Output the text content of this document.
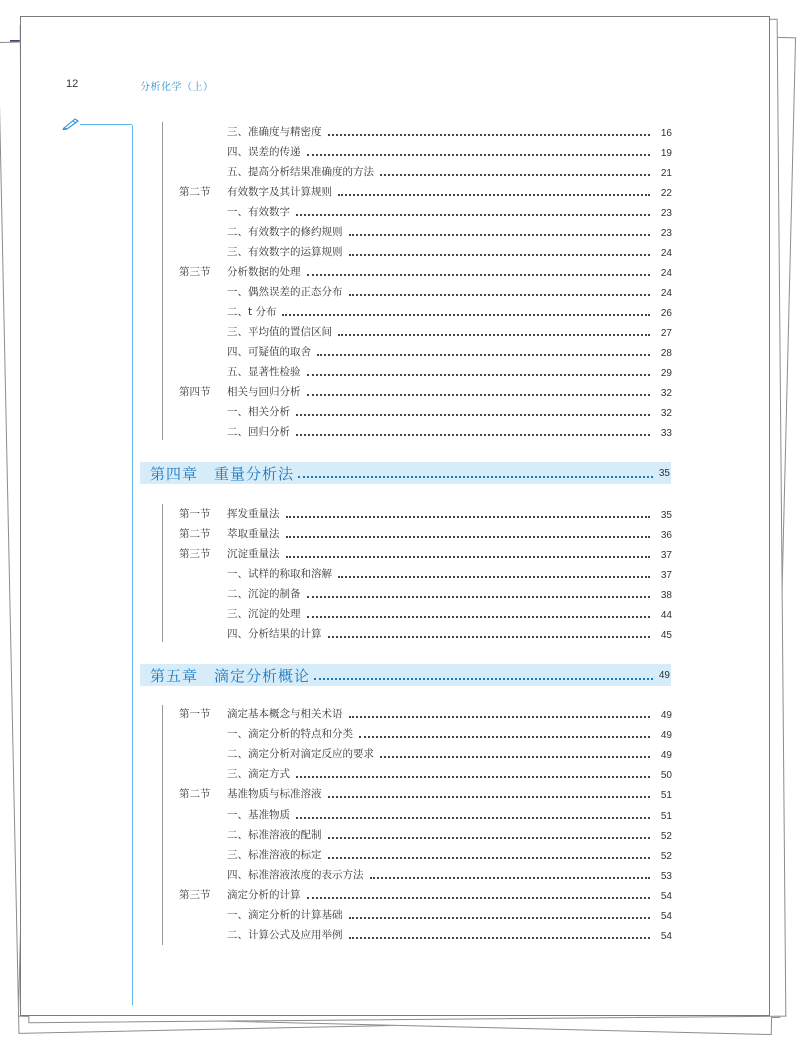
12	分析化学（上）
三、准确度与精密度	16
四、误差的传递	19
五、提高分析结果准确度的方法	21
第二节 有效数字及其计算规则	22
一、有效数字	23
二、有效数字的修约规则	23
三、有效数字的运算规则	24
第三节 分析数据的处理	24
一、偶然误差的正态分布	24
二、t 分布	26
三、平均值的置信区间	27
四、可疑值的取舍	28
五、显著性检验	29
第四节 相关与回归分析	32
一、相关分析	32
二、回归分析	33
第四章　重量分析法	35
第一节 挥发重量法	35
第二节 萃取重量法	36
第三节 沉淀重量法	37
一、试样的称取和溶解	37
二、沉淀的制备	38
三、沉淀的处理	44
四、分析结果的计算	45
第五章　滴定分析概论	49
第一节 滴定基本概念与相关术语	49
一、滴定分析的特点和分类	49
二、滴定分析对滴定反应的要求	49
三、滴定方式	50
第二节 基准物质与标准溶液	51
一、基准物质	51
二、标准溶液的配制	52
三、标准溶液的标定	52
四、标准溶液浓度的表示方法	53
第三节 滴定分析的计算	54
一、滴定分析的计算基础	54
二、计算公式及应用举例	54
